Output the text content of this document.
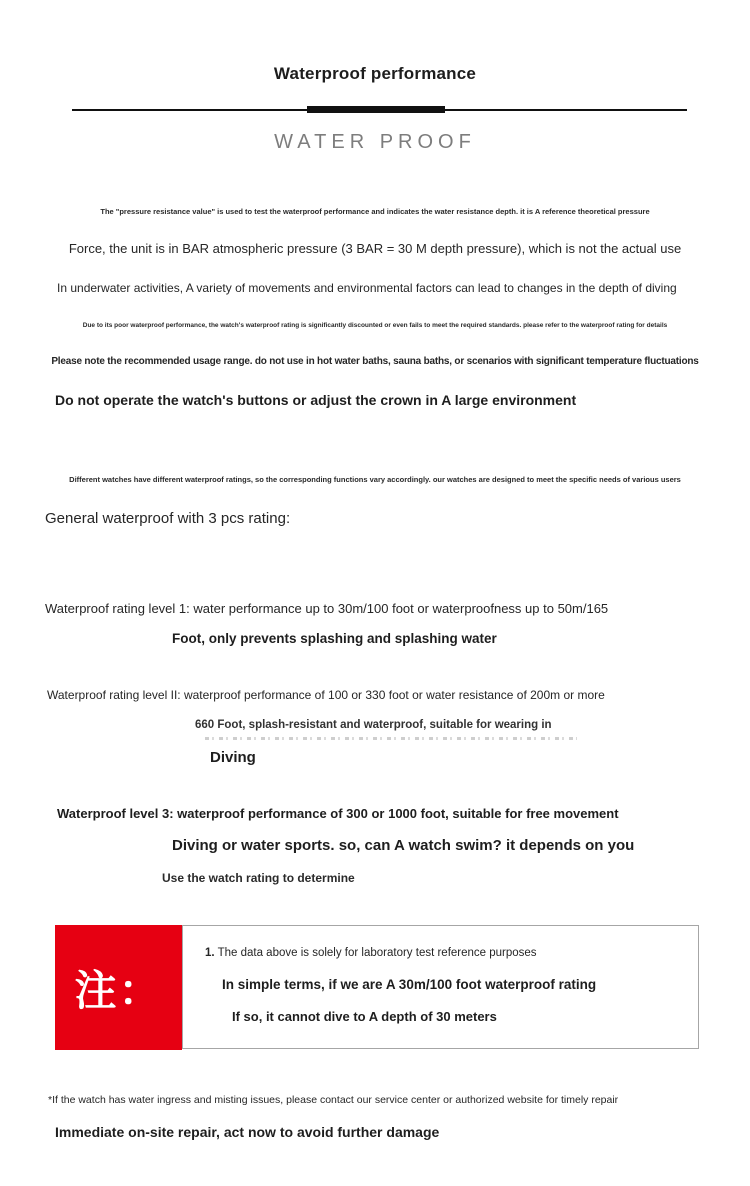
Waterproof performance
WATER PROOF
The "pressure resistance value" is used to test the waterproof performance and indicates the water resistance depth. it is A reference theoretical pressure
Force, the unit is in BAR atmospheric pressure (3 BAR = 30 M depth pressure), which is not the actual use
In underwater activities, A variety of movements and environmental factors can lead to changes in the depth of diving
Due to its poor waterproof performance, the watch's waterproof rating is significantly discounted or even fails to meet the required standards. please refer to the waterproof rating for details
Please note the recommended usage range. do not use in hot water baths, sauna baths, or scenarios with significant temperature fluctuations
Do not operate the watch's buttons or adjust the crown in A large environment
Different watches have different waterproof ratings, so the corresponding functions vary accordingly. our watches are designed to meet the specific needs of various users
General waterproof with 3 pcs rating:
Waterproof rating level 1: water performance up to 30m/100 foot or waterproofness up to 50m/165
Foot, only prevents splashing and splashing water
Waterproof rating level II: waterproof performance of 100 or 330 foot or water resistance of 200m or more
660 Foot, splash-resistant and waterproof, suitable for wearing in
Diving
Waterproof level 3: waterproof performance of 300 or 1000 foot, suitable for free movement
Diving or water sports. so, can A watch swim? it depends on you
Use the watch rating to determine
注：
1. The data above is solely for laboratory test reference purposes
In simple terms, if we are A 30m/100 foot waterproof rating
If so, it cannot dive to A depth of 30 meters
*If the watch has water ingress and misting issues, please contact our service center or authorized website for timely repair
Immediate on-site repair, act now to avoid further damage
